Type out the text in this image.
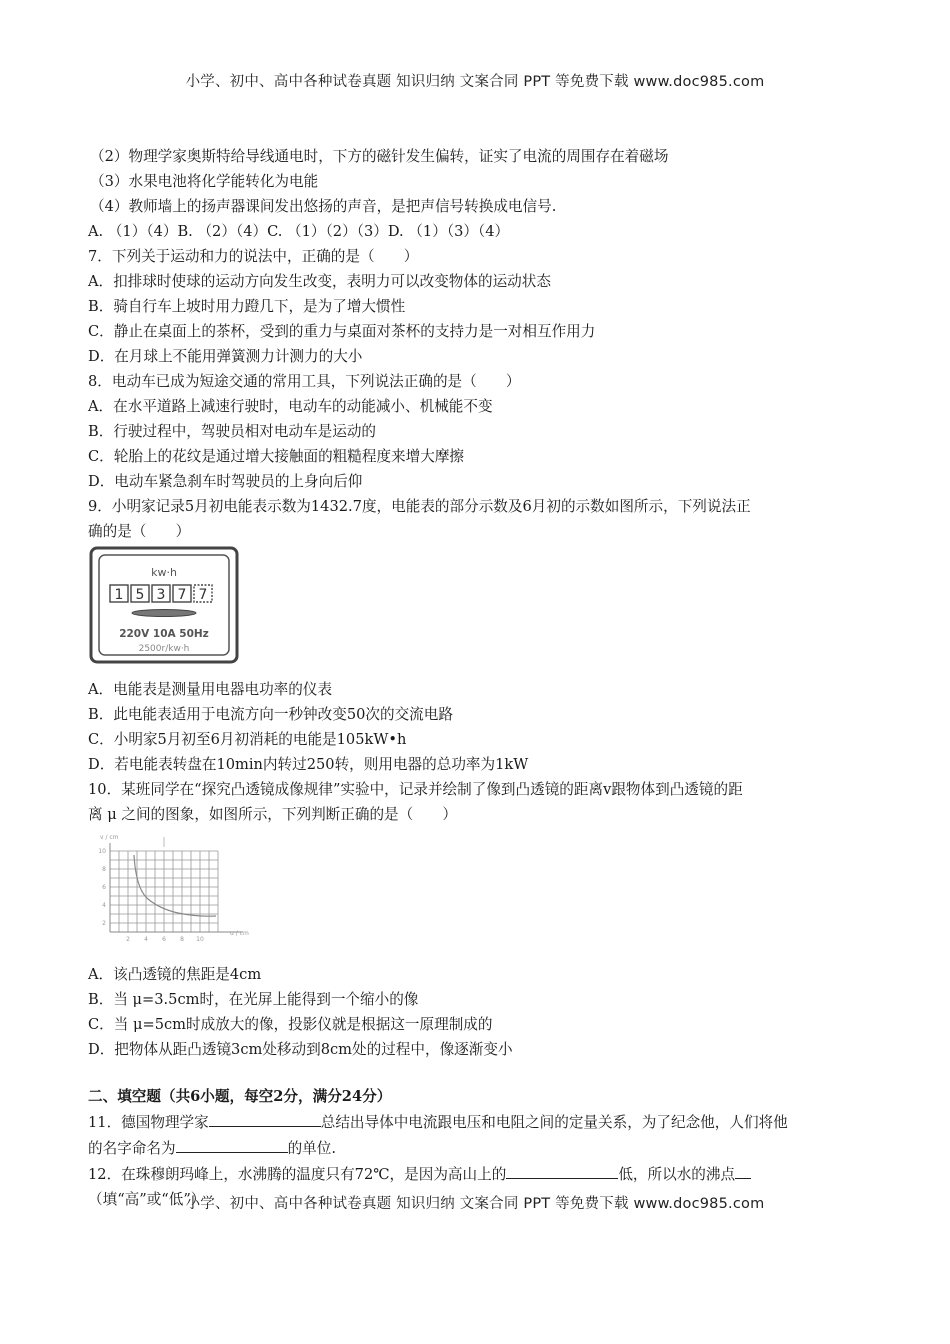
小学、初中、高中各种试卷真题 知识归纳 文案合同 PPT 等免费下载 www.doc985.com
（2）物理学家奥斯特给导线通电时，下方的磁针发生偏转，证实了电流的周围存在着磁场
（3）水果电池将化学能转化为电能
（4）教师墙上的扬声器课间发出悠扬的声音，是把声信号转换成电信号.
A. （1）（4）B. （2）（4）C. （1）（2）（3）D. （1）（3）（4）
7．下列关于运动和力的说法中，正确的是（　　）
A．扣排球时使球的运动方向发生改变，表明力可以改变物体的运动状态
B．骑自行车上坡时用力蹬几下，是为了增大惯性
C．静止在桌面上的茶杯，受到的重力与桌面对茶杯的支持力是一对相互作用力
D．在月球上不能用弹簧测力计测力的大小
8．电动车已成为短途交通的常用工具，下列说法正确的是（　　）
A．在水平道路上减速行驶时，电动车的动能减小、机械能不变
B．行驶过程中，驾驶员相对电动车是运动的
C．轮胎上的花纹是通过增大接触面的粗糙程度来增大摩擦
D．电动车紧急刹车时驾驶员的上身向后仰
9．小明家记录5月初电能表示数为1432.7度，电能表的部分示数及6月初的示数如图所示，下列说法正
确的是（　　）
kw·h
1 5 3 7 7
220V 10A 50Hz
2500r/kw·h
A．电能表是测量用电器电功率的仪表
B．此电能表适用于电流方向一秒钟改变50次的交流电路
C．小明家5月初至6月初消耗的电能是105kW•h
D．若电能表转盘在10min内转过250转，则用电器的总功率为1kW
10．某班同学在“探究凸透镜成像规律”实验中，记录并绘制了像到凸透镜的距离v跟物体到凸透镜的距
离 μ 之间的图象，如图所示，下列判断正确的是（　　）
v / cm
u / cm
2
4
6
8
10
2 4 6 8 10
A．该凸透镜的焦距是4cm
B．当 μ=3.5cm时，在光屏上能得到一个缩小的像
C．当 μ=5cm时成放大的像，投影仪就是根据这一原理制成的
D．把物体从距凸透镜3cm处移动到8cm处的过程中，像逐渐变小
二、填空题（共6小题，每空2分，满分24分）
11．德国物理学家	总结出导体中电流跟电压和电阻之间的定量关系，为了纪念他，人们将他
的名字命名为	的单位.
12．在珠穆朗玛峰上，水沸腾的温度只有72℃，是因为高山上的	低，所以水的沸点
（填“高”或“低”）
小学、初中、高中各种试卷真题 知识归纳 文案合同 PPT 等免费下载 www.doc985.com
